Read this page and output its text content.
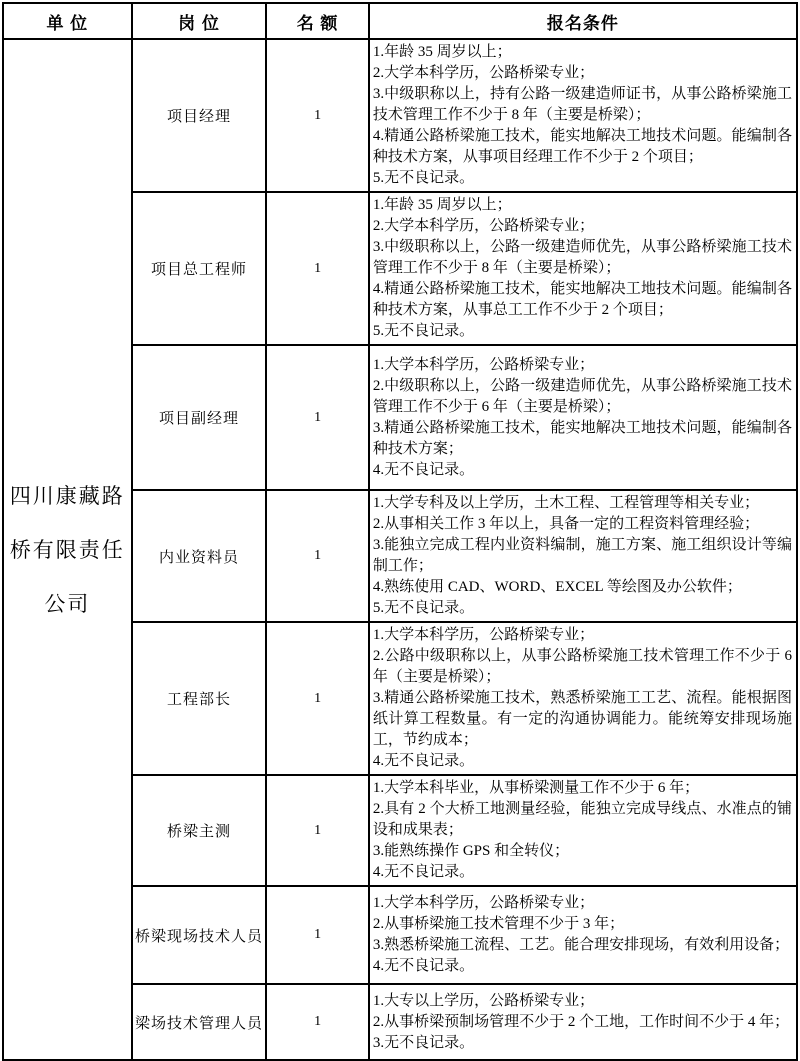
单 位	岗 位	名 额	报名条件

四川康藏路
桥有限责任
公司
	项目经理	1	
1.年龄 35 周岁以上；
2.大学本科学历，公路桥梁专业；
3.中级职称以上，持有公路一级建造师证书，从事公路桥梁施工技术管理工作不少于 8 年（主要是桥梁）；
4.精通公路桥梁施工技术，能实地解决工地技术问题。能编制各种技术方案，从事项目经理工作不少于 2 个项目；
5.无不良记录。

	项目总工程师	1	1.年龄 35 周岁以上；
2.大学本科学历，公路桥梁专业；
3.中级职称以上，公路一级建造师优先，从事公路桥梁施工技术管理工作不少于 8 年（主要是桥梁）；
4.精通公路桥梁施工技术，能实地解决工地技术问题。能编制各种技术方案，从事总工工作不少于 2 个项目；
5.无不良记录。

	项目副经理	1	1.大学本科学历，公路桥梁专业；
2.中级职称以上，公路一级建造师优先，从事公路桥梁施工技术管理工作不少于 6 年（主要是桥梁）；
3.精通公路桥梁施工技术，能实地解决工地技术问题，能编制各种技术方案；
4.无不良记录。

	内业资料员	1	1.大学专科及以上学历，土木工程、工程管理等相关专业；
2.从事相关工作 3 年以上，具备一定的工程资料管理经验；
3.能独立完成工程内业资料编制，施工方案、施工组织设计等编制工作；
4.熟练使用 CAD、WORD、EXCEL 等绘图及办公软件；
5.无不良记录。

	工程部长	1	1.大学本科学历，公路桥梁专业；
2.公路中级职称以上，从事公路桥梁施工技术管理工作不少于 6 年（主要是桥梁）；
3.精通公路桥梁施工技术，熟悉桥梁施工工艺、流程。能根据图纸计算工程数量。有一定的沟通协调能力。能统筹安排现场施工，节约成本；
4.无不良记录。

	桥梁主测	1	1.大学本科毕业，从事桥梁测量工作不少于 6 年；
2.具有 2 个大桥工地测量经验，能独立完成导线点、水准点的铺设和成果表；
3.能熟练操作 GPS 和全转仪；
4.无不良记录。

	桥梁现场技术人员	1	1.大学本科学历，公路桥梁专业；
2.从事桥梁施工技术管理不少于 3 年；
3.熟悉桥梁施工流程、工艺。能合理安排现场，有效利用设备；
4.无不良记录。

	梁场技术管理人员	1	1.大专以上学历，公路桥梁专业；
2.从事桥梁预制场管理不少于 2 个工地，工作时间不少于 4 年；
3.无不良记录。
